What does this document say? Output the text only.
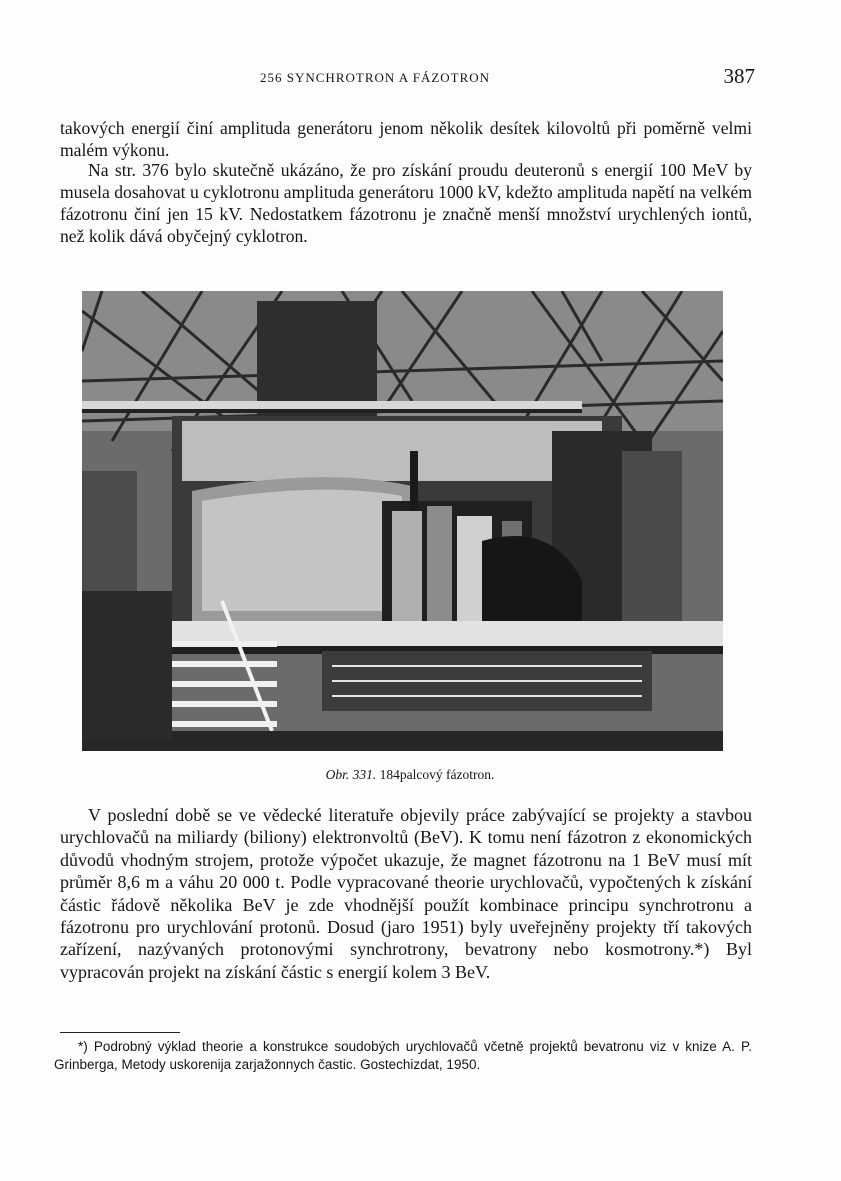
256 SYNCHROTRON A FÁZOTRON	387

takových energií činí amplituda generátoru jenom několik desítek kilovoltů při poměrně velmi malém výkonu.

Na str. 376 bylo skutečně ukázáno, že pro získání proudu deuteronů s energií 100 MeV by musela dosahovat u cyklotronu amplituda generátoru 1000 kV, kdežto amplituda napětí na velkém fázotronu činí jen 15 kV. Nedostatkem fázotronu je značně menší množství urychlených iontů, než kolik dává obyčejný cyklotron.

Obr. 331. 184palcový fázotron.

V poslední době se ve vědecké literatuře objevily práce zabývající se projekty a stavbou urychlovačů na miliardy (biliony) elektronvoltů (BeV). K tomu není fázotron z ekonomických důvodů vhodným strojem, protože výpočet ukazuje, že magnet fázotronu na 1 BeV musí mít průměr 8,6 m a váhu 20 000 t. Podle vypracované theorie urychlovačů, vypočtených k získání částic řádově několika BeV je zde vhodnější použít kombinace principu synchrotronu a fázotronu pro urychlování protonů. Dosud (jaro 1951) byly uveřejněny projekty tří takových zařízení, nazývaných protonovými synchrotrony, bevatrony nebo kosmotrony.*) Byl vypracován projekt na získání částic s energií kolem 3 BeV.

*) Podrobný výklad theorie a konstrukce soudobých urychlovačů včetně projektů bevatronu viz v knize A. P. Grinberga, Metody uskorenija zarjažonnych častic. Gostechizdat, 1950.
